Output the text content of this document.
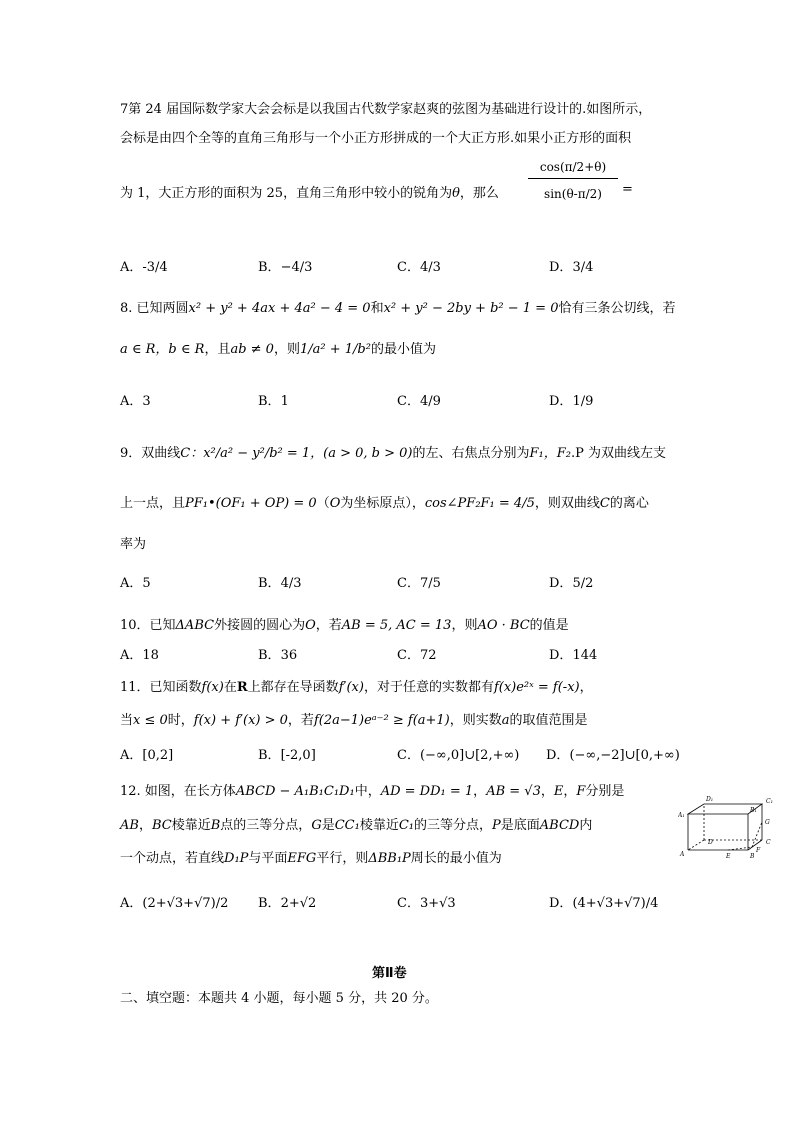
7第 24 届国际数学家大会会标是以我国古代数学家赵爽的弦图为基础进行设计的.如图所示，
会标是由四个全等的直角三角形与一个小正方形拼成的一个大正方形.如果小正方形的面积
为 1，大正方形的面积为 25，直角三角形中较小的锐角为θ，那么 $\frac{\cos(\pi/2+\theta)}{\sin(\theta-\pi/2)}$ =
A．-3/4	B．−4/3	C．4/3	D．3/4
8. 已知两圆x² + y² + 4ax + 4a² − 4 = 0和x² + y² − 2by + b² − 1 = 0恰有三条公切线，若
a ∈ R，b ∈ R，且ab ≠ 0，则1/a² + 1/b²的最小值为
A．3	B．1	C．4/9	D．1/9
9．双曲线C：x²/a² − y²/b² = 1，(a > 0, b > 0)的左、右焦点分别为F₁，F₂.P 为双曲线左支
上一点，且PF₁•(OF₁ + OP) = 0（O为坐标原点），cos∠PF₂F₁ = 4/5，则双曲线C的离心
率为
A．5	B．4/3	C．7/5	D．5/2
10．已知ΔABC外接圆的圆心为O，若AB = 5, AC = 13，则AO · BC的值是
A．18	B．36	C．72	D．144
11．已知函数f(x)在R上都存在导函数f′(x)，对于任意的实数都有f(x)e²ˣ = f(-x)，
当x ≤ 0时，f(x) + f′(x) > 0，若f(2a−1)eᵃ⁻² ≥ f(a+1)，则实数a的取值范围是
A．[0,2]	B．[-2,0]	C．(−∞,0]∪[2,+∞) D．(−∞,−2]∪[0,+∞)
12. 如图，在长方体ABCD − A₁B₁C₁D₁中，AD = DD₁ = 1，AB = √3，E，F分别是
AB，BC棱靠近B点的三等分点，G是CC₁棱靠近C₁的三等分点，P是底面ABCD内
一个动点，若直线D₁P与平面EFG平行，则ΔBB₁P周长的最小值为
D₁
A₁
B₁
C₁
A	B
C
D
E
F
G
A．(2+√3+√7)/2 B．2+√2	C．3+√3	D．(4+√3+√7)/4
第Ⅱ卷
二、填空题：本题共 4 小题，每小题 5 分，共 20 分。
